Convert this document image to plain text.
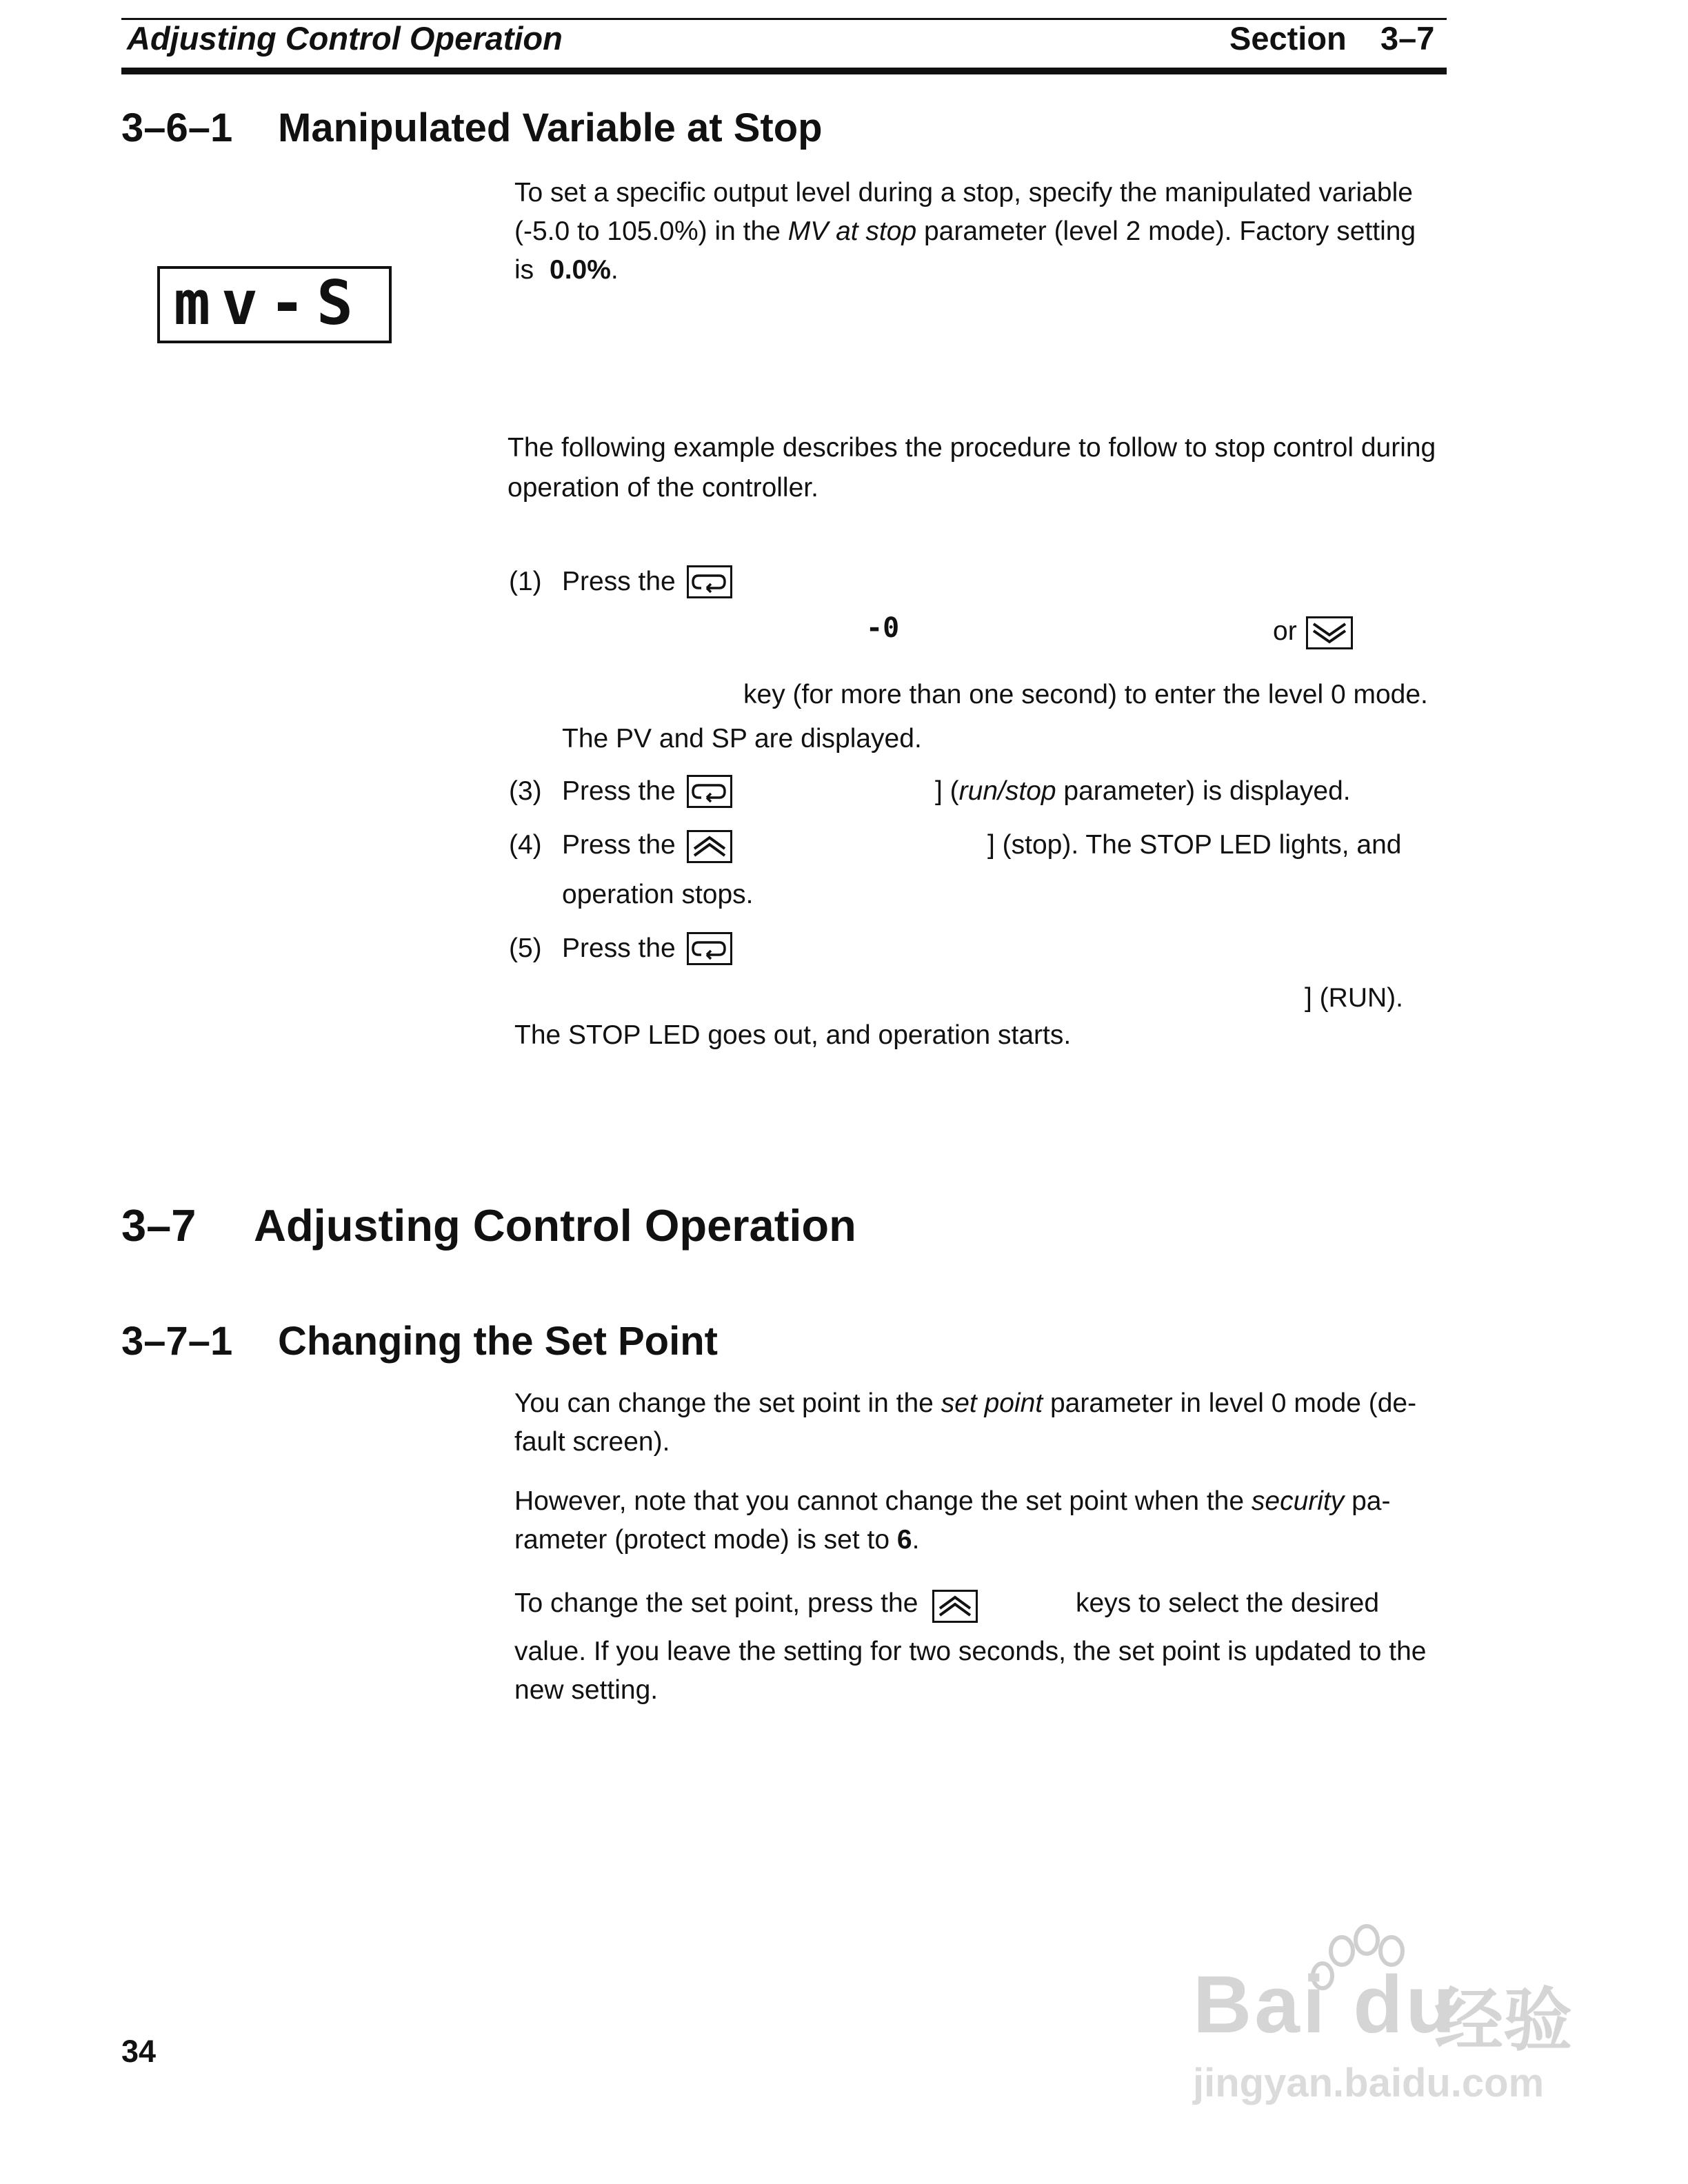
Adjusting Control Operation	Section 3–7
3–6–1 Manipulated Variable at Stop
mv-S
To set a specific output level during a stop, specify the manipulated variable
(-5.0 to 105.0%) in the MV at stop parameter (level 2 mode). Factory setting
is 0.0%.
The following example describes the procedure to follow to stop control during
operation of the controller.
(1) Press the
-0	or
key (for more than one second) to enter the level 0 mode.
The PV and SP are displayed.
(3) Press the	] (run/stop parameter) is displayed.
(4) Press the	] (stop). The STOP LED lights, and
operation stops.
(5) Press the
] (RUN).
The STOP LED goes out, and operation starts.
3–7 Adjusting Control Operation
3–7–1 Changing the Set Point
You can change the set point in the set point parameter in level 0 mode (de-
fault screen).
However, note that you cannot change the set point when the security pa-
rameter (protect mode) is set to 6.
To change the set point, press the	keys to select the desired
value. If you leave the setting for two seconds, the set point is updated to the
new setting.
34
Bai du
经验
jingyan.baidu.com
